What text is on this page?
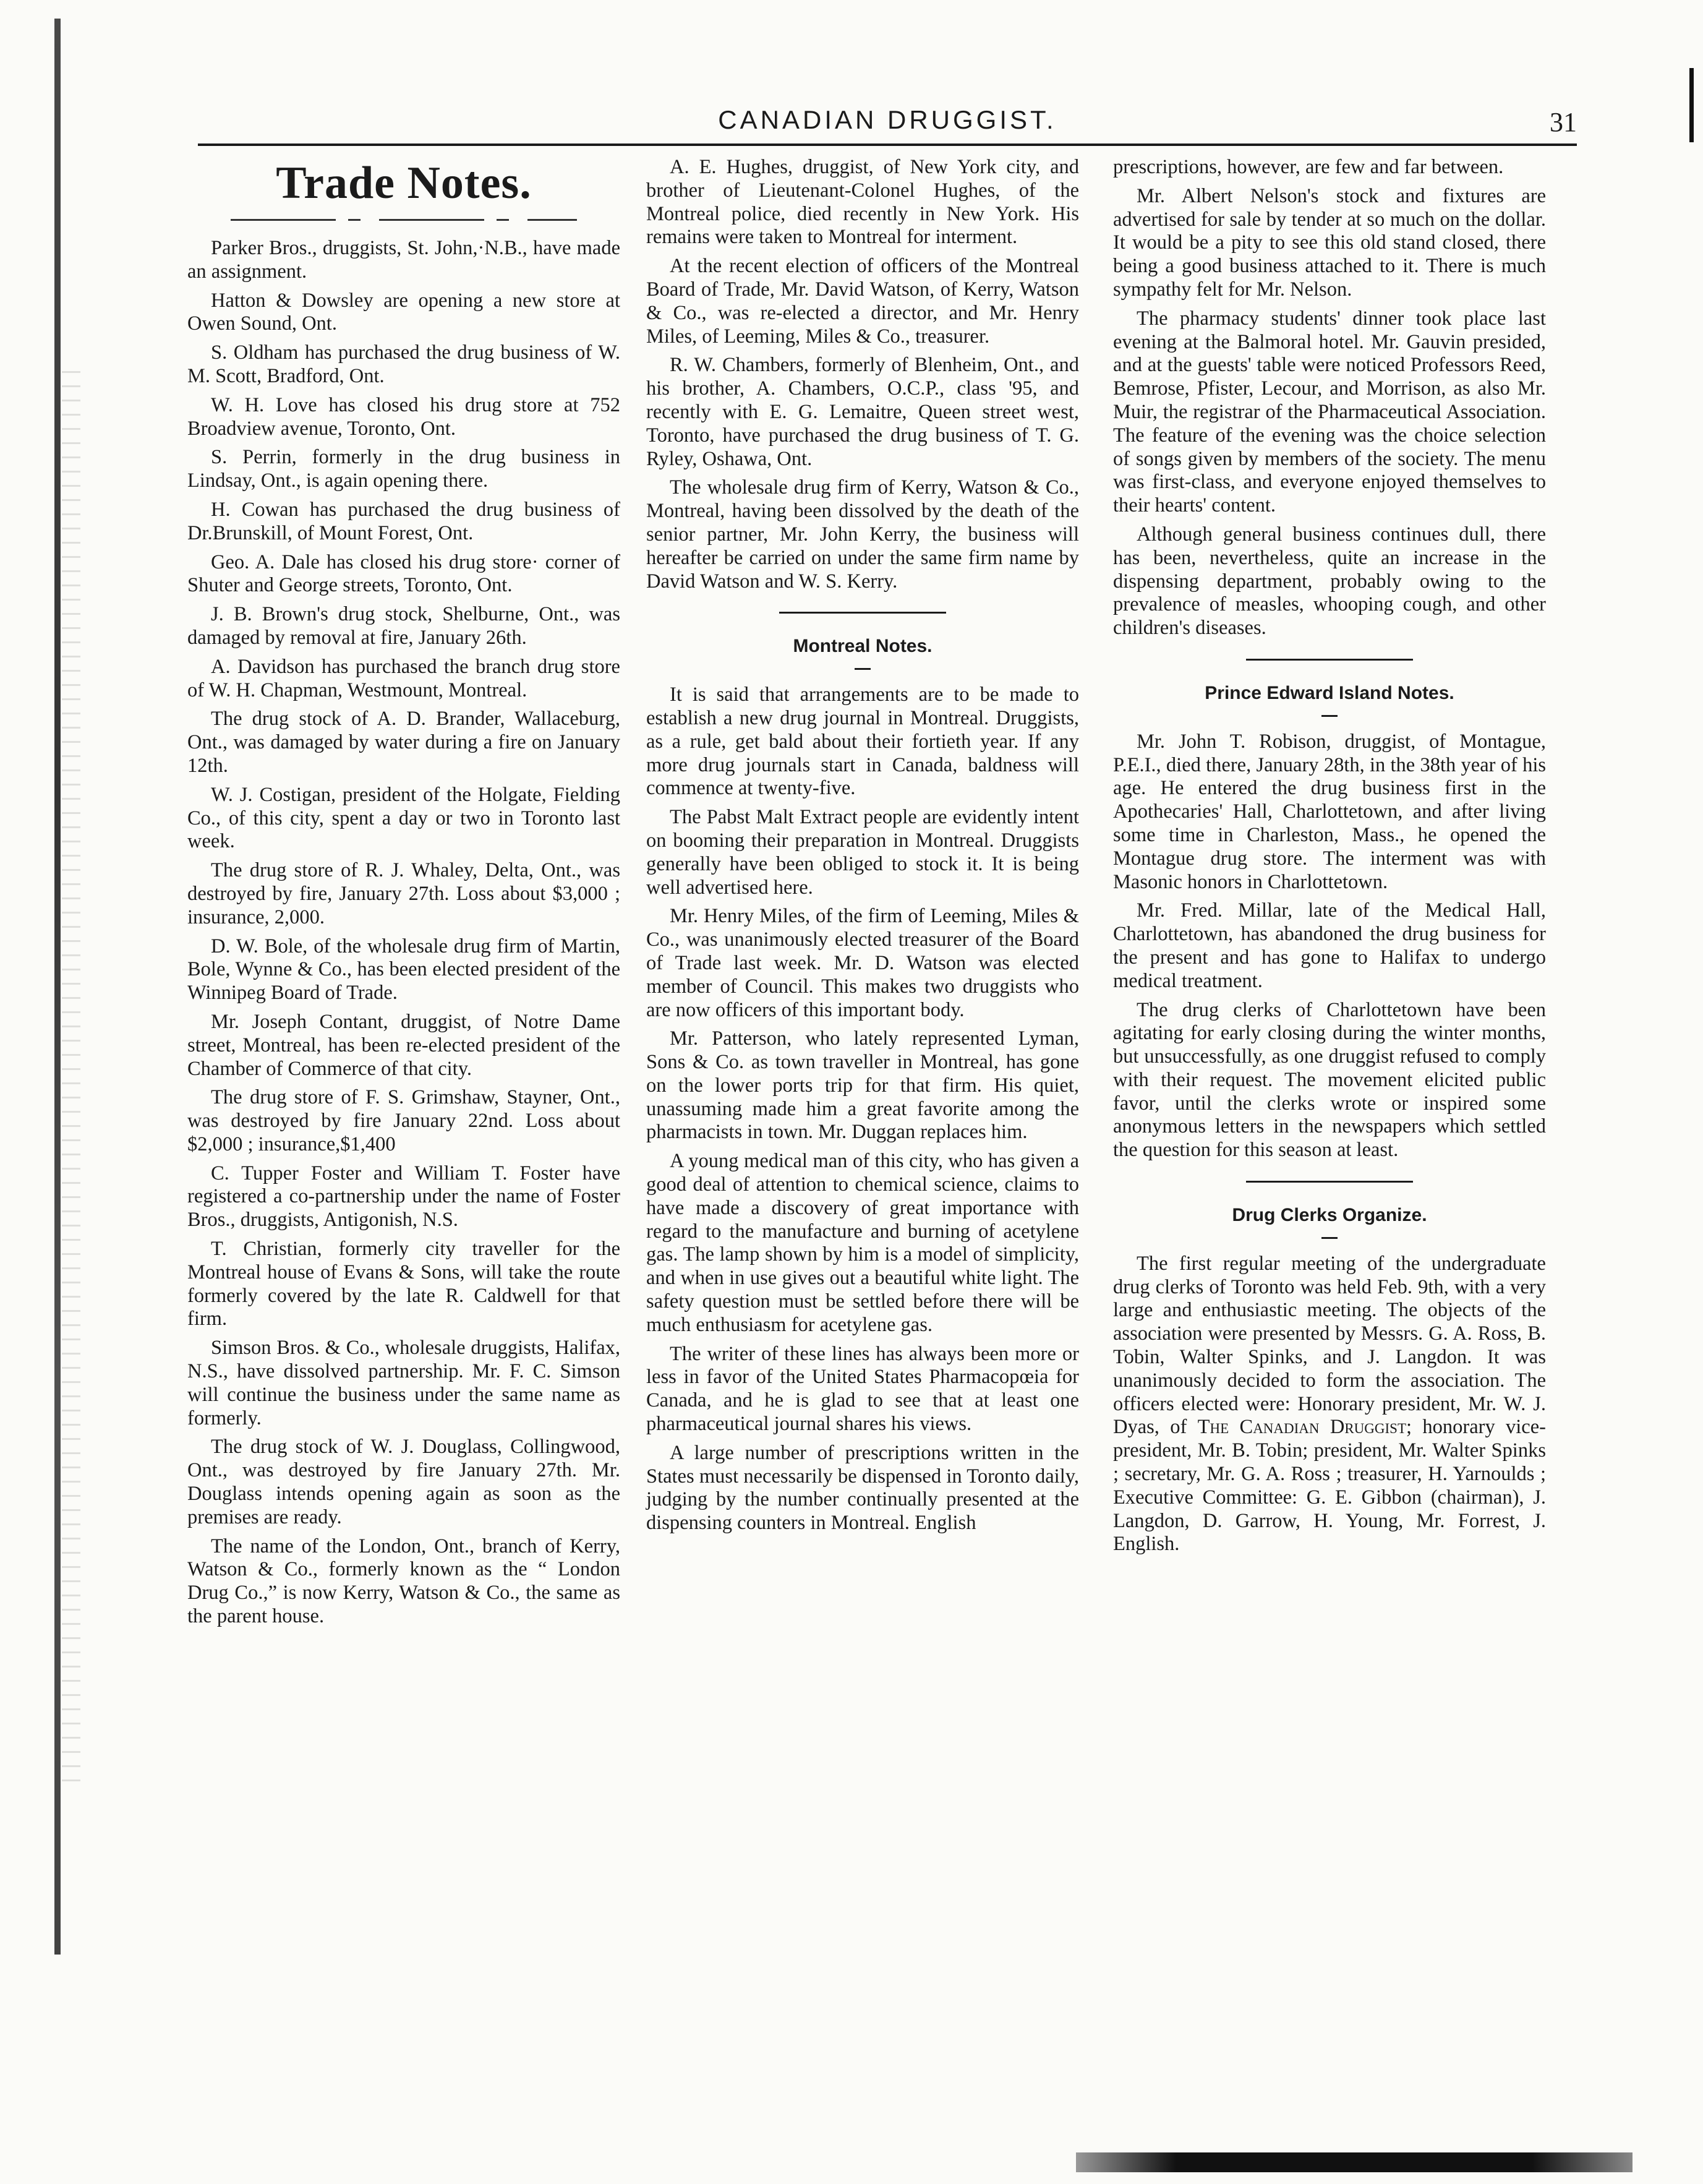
CANADIAN DRUGGIST.	31
Trade Notes.

Parker Bros., druggists, St. John,·N.B., have made an assignment.

Hatton & Dowsley are opening a new store at Owen Sound, Ont.

S. Oldham has purchased the drug business of W. M. Scott, Bradford, Ont.

W. H. Love has closed his drug store at 752 Broadview avenue, Toronto, Ont.

S. Perrin, formerly in the drug business in Lindsay, Ont., is again opening there.

H. Cowan has purchased the drug business of Dr.Brunskill, of Mount Forest, Ont.

Geo. A. Dale has closed his drug store· corner of Shuter and George streets, Toronto, Ont.

J. B. Brown's drug stock, Shelburne, Ont., was damaged by removal at fire, January 26th.

A. Davidson has purchased the branch drug store of W. H. Chapman, Westmount, Montreal.

The drug stock of A. D. Brander, Wallaceburg, Ont., was damaged by water during a fire on January 12th.

W. J. Costigan, president of the Holgate, Fielding Co., of this city, spent a day or two in Toronto last week.

The drug store of R. J. Whaley, Delta, Ont., was destroyed by fire, January 27th. Loss about $3,000 ; insurance, 2,000.

D. W. Bole, of the wholesale drug firm of Martin, Bole, Wynne & Co., has been elected president of the Winnipeg Board of Trade.

Mr. Joseph Contant, druggist, of Notre Dame street, Montreal, has been re-elected president of the Chamber of Commerce of that city.

The drug store of F. S. Grimshaw, Stayner, Ont., was destroyed by fire January 22nd. Loss about $2,000 ; insurance,$1,400

C. Tupper Foster and William T. Foster have registered a co-partnership under the name of Foster Bros., druggists, Antigonish, N.S.

T. Christian, formerly city traveller for the Montreal house of Evans & Sons, will take the route formerly covered by the late R. Caldwell for that firm.

Simson Bros. & Co., wholesale druggists, Halifax, N.S., have dissolved partnership. Mr. F. C. Simson will continue the business under the same name as formerly.

The drug stock of W. J. Douglass, Collingwood, Ont., was destroyed by fire January 27th. Mr. Douglass intends opening again as soon as the premises are ready.

The name of the London, Ont., branch of Kerry, Watson & Co., formerly known as the “ London Drug Co.,” is now Kerry, Watson & Co., the same as the parent house.

A. E. Hughes, druggist, of New York city, and brother of Lieutenant-Colonel Hughes, of the Montreal police, died recently in New York. His remains were taken to Montreal for interment.

At the recent election of officers of the Montreal Board of Trade, Mr. David Watson, of Kerry, Watson & Co., was re-elected a director, and Mr. Henry Miles, of Leeming, Miles & Co., treasurer.

R. W. Chambers, formerly of Blenheim, Ont., and his brother, A. Chambers, O.C.P., class '95, and recently with E. G. Lemaitre, Queen street west, Toronto, have purchased the drug business of T. G. Ryley, Oshawa, Ont.

The wholesale drug firm of Kerry, Watson & Co., Montreal, having been dissolved by the death of the senior partner, Mr. John Kerry, the business will hereafter be carried on under the same firm name by David Watson and W. S. Kerry.

Montreal Notes.

It is said that arrangements are to be made to establish a new drug journal in Montreal. Druggists, as a rule, get bald about their fortieth year. If any more drug journals start in Canada, baldness will commence at twenty-five.

The Pabst Malt Extract people are evidently intent on booming their preparation in Montreal. Druggists generally have been obliged to stock it. It is being well advertised here.

Mr. Henry Miles, of the firm of Leeming, Miles & Co., was unanimously elected treasurer of the Board of Trade last week. Mr. D. Watson was elected member of Council. This makes two druggists who are now officers of this important body.

Mr. Patterson, who lately represented Lyman, Sons & Co. as town traveller in Montreal, has gone on the lower ports trip for that firm. His quiet, unassuming made him a great favorite among the pharmacists in town. Mr. Duggan replaces him.

A young medical man of this city, who has given a good deal of attention to chemical science, claims to have made a discovery of great importance with regard to the manufacture and burning of acetylene gas. The lamp shown by him is a model of simplicity, and when in use gives out a beautiful white light. The safety question must be settled before there will be much enthusiasm for acetylene gas.

The writer of these lines has always been more or less in favor of the United States Pharmacopœia for Canada, and he is glad to see that at least one pharmaceutical journal shares his views.

A large number of prescriptions written in the States must necessarily be dispensed in Toronto daily, judging by the number continually presented at the dispensing counters in Montreal. English

prescriptions, however, are few and far between.

Mr. Albert Nelson's stock and fixtures are advertised for sale by tender at so much on the dollar. It would be a pity to see this old stand closed, there being a good business attached to it. There is much sympathy felt for Mr. Nelson.

The pharmacy students' dinner took place last evening at the Balmoral hotel. Mr. Gauvin presided, and at the guests' table were noticed Professors Reed, Bemrose, Pfister, Lecour, and Morrison, as also Mr. Muir, the registrar of the Pharmaceutical Association. The feature of the evening was the choice selection of songs given by members of the society. The menu was first-class, and everyone enjoyed themselves to their hearts' content.

Although general business continues dull, there has been, nevertheless, quite an increase in the dispensing department, probably owing to the prevalence of measles, whooping cough, and other children's diseases.

Prince Edward Island Notes.

Mr. John T. Robison, druggist, of Montague, P.E.I., died there, January 28th, in the 38th year of his age. He entered the drug business first in the Apothecaries' Hall, Charlottetown, and after living some time in Charleston, Mass., he opened the Montague drug store. The interment was with Masonic honors in Charlottetown.

Mr. Fred. Millar, late of the Medical Hall, Charlottetown, has abandoned the drug business for the present and has gone to Halifax to undergo medical treatment.

The drug clerks of Charlottetown have been agitating for early closing during the winter months, but unsuccessfully, as one druggist refused to comply with their request. The movement elicited public favor, until the clerks wrote or inspired some anonymous letters in the newspapers which settled the question for this season at least.

Drug Clerks Organize.

The first regular meeting of the undergraduate drug clerks of Toronto was held Feb. 9th, with a very large and enthusiastic meeting. The objects of the association were presented by Messrs. G. A. Ross, B. Tobin, Walter Spinks, and J. Langdon. It was unanimously decided to form the association. The officers elected were: Honorary president, Mr. W. J. Dyas, of The Canadian Druggist; honorary vice-president, Mr. B. Tobin; president, Mr. Walter Spinks ; secretary, Mr. G. A. Ross ; treasurer, H. Yarnoulds ; Executive Committee: G. E. Gibbon (chairman), J. Langdon, D. Garrow, H. Young, Mr. Forrest, J. English.
